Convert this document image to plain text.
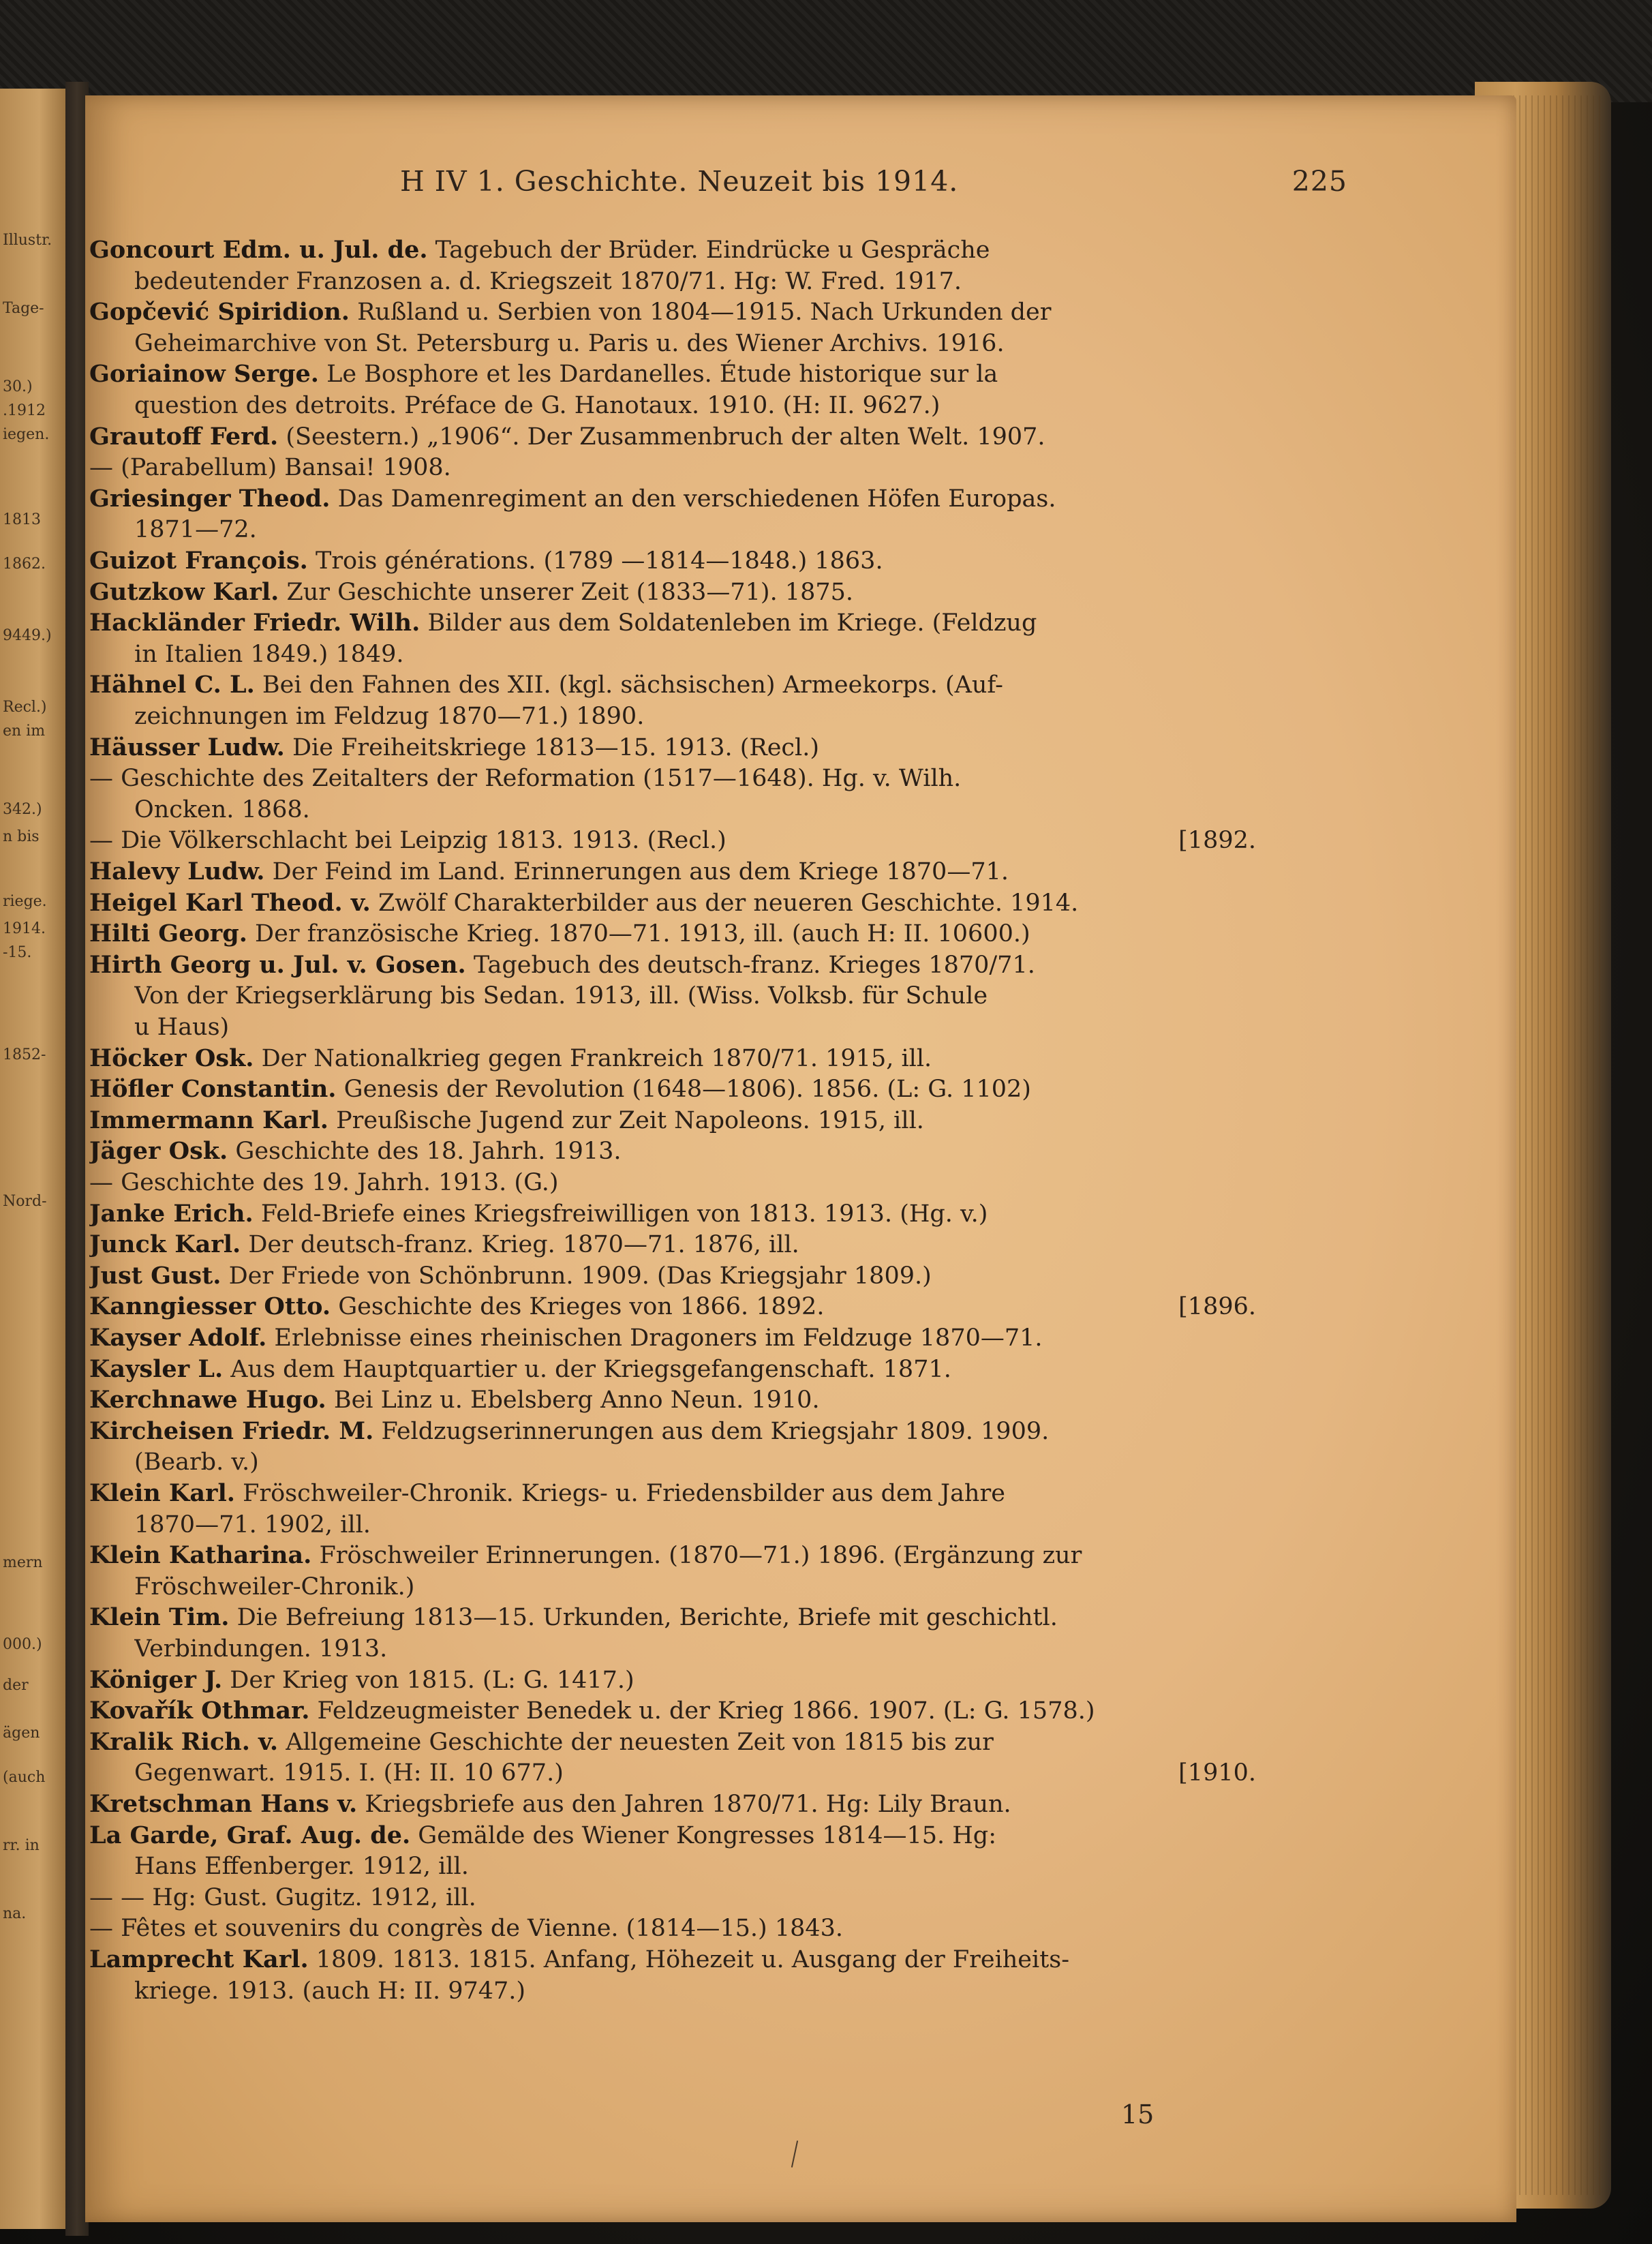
Illustr.
Tage-
30.)
.1912
iegen.
1813
1862.
9449.)
Recl.)
en im
342.)
n bis
riege.
1914.
-15.
1852-
Nord-
mern
000.)
der
ägen
(auch
rr. in
na.
H IV 1. Geschichte. Neuzeit bis 1914.	225
Goncourt Edm. u. Jul. de. Tagebuch der Brüder. Eindrücke u Gespräche
bedeutender Franzosen a. d. Kriegszeit 1870/71. Hg: W. Fred. 1917.
Gopčević Spiridion. Rußland u. Serbien von 1804—1915. Nach Urkunden der
Geheimarchive von St. Petersburg u. Paris u. des Wiener Archivs. 1916.
Goriainow Serge. Le Bosphore et les Dardanelles. Étude historique sur la
question des detroits. Préface de G. Hanotaux. 1910. (H: II. 9627.)
Grautoff Ferd. (Seestern.) „1906“. Der Zusammenbruch der alten Welt. 1907.
— (Parabellum) Bansai! 1908.
Griesinger Theod. Das Damenregiment an den verschiedenen Höfen Europas.
1871—72.
Guizot François. Trois générations. (1789 —1814—1848.) 1863.
Gutzkow Karl. Zur Geschichte unserer Zeit (1833—71). 1875.
Hackländer Friedr. Wilh. Bilder aus dem Soldatenleben im Kriege. (Feldzug
in Italien 1849.) 1849.
Hähnel C. L. Bei den Fahnen des XII. (kgl. sächsischen) Armeekorps. (Auf-
zeichnungen im Feldzug 1870—71.) 1890.
Häusser Ludw. Die Freiheitskriege 1813—15. 1913. (Recl.)
— Geschichte des Zeitalters der Reformation (1517—1648). Hg. v. Wilh.
Oncken. 1868.
[1892.
— Die Völkerschlacht bei Leipzig 1813. 1913. (Recl.)
Halevy Ludw. Der Feind im Land. Erinnerungen aus dem Kriege 1870—71.
Heigel Karl Theod. v. Zwölf Charakterbilder aus der neueren Geschichte. 1914.
Hilti Georg. Der französische Krieg. 1870—71. 1913, ill. (auch H: II. 10600.)
Hirth Georg u. Jul. v. Gosen. Tagebuch des deutsch-franz. Krieges 1870/71.
Von der Kriegserklärung bis Sedan. 1913, ill. (Wiss. Volksb. für Schule
u Haus)
Höcker Osk. Der Nationalkrieg gegen Frankreich 1870/71. 1915, ill.
Höfler Constantin. Genesis der Revolution (1648—1806). 1856. (L: G. 1102)
Immermann Karl. Preußische Jugend zur Zeit Napoleons. 1915, ill.
Jäger Osk. Geschichte des 18. Jahrh. 1913.
— Geschichte des 19. Jahrh. 1913. (G.)
Janke Erich. Feld-Briefe eines Kriegsfreiwilligen von 1813. 1913. (Hg. v.)
Junck Karl. Der deutsch-franz. Krieg. 1870—71. 1876, ill.
Just Gust. Der Friede von Schönbrunn. 1909. (Das Kriegsjahr 1809.)
[1896.
Kanngiesser Otto. Geschichte des Krieges von 1866. 1892.
Kayser Adolf. Erlebnisse eines rheinischen Dragoners im Feldzuge 1870—71.
Kaysler L. Aus dem Hauptquartier u. der Kriegsgefangenschaft. 1871.
Kerchnawe Hugo. Bei Linz u. Ebelsberg Anno Neun. 1910.
Kircheisen Friedr. M. Feldzugserinnerungen aus dem Kriegsjahr 1809. 1909.
(Bearb. v.)
Klein Karl. Fröschweiler-Chronik. Kriegs- u. Friedensbilder aus dem Jahre
1870—71. 1902, ill.
Klein Katharina. Fröschweiler Erinnerungen. (1870—71.) 1896. (Ergänzung zur
Fröschweiler-Chronik.)
Klein Tim. Die Befreiung 1813—15. Urkunden, Berichte, Briefe mit geschichtl.
Verbindungen. 1913.
Königer J. Der Krieg von 1815. (L: G. 1417.)
Kovařík Othmar. Feldzeugmeister Benedek u. der Krieg 1866. 1907. (L: G. 1578.)
Kralik Rich. v. Allgemeine Geschichte der neuesten Zeit von 1815 bis zur
[1910.
Gegenwart. 1915. I. (H: II. 10 677.)
Kretschman Hans v. Kriegsbriefe aus den Jahren 1870/71. Hg: Lily Braun.
La Garde, Graf. Aug. de. Gemälde des Wiener Kongresses 1814—15. Hg:
Hans Effenberger. 1912, ill.
— — Hg: Gust. Gugitz. 1912, ill.
— Fêtes et souvenirs du congrès de Vienne. (1814—15.) 1843.
Lamprecht Karl. 1809. 1813. 1815. Anfang, Höhezeit u. Ausgang der Freiheits-
kriege. 1913. (auch H: II. 9747.)
15
